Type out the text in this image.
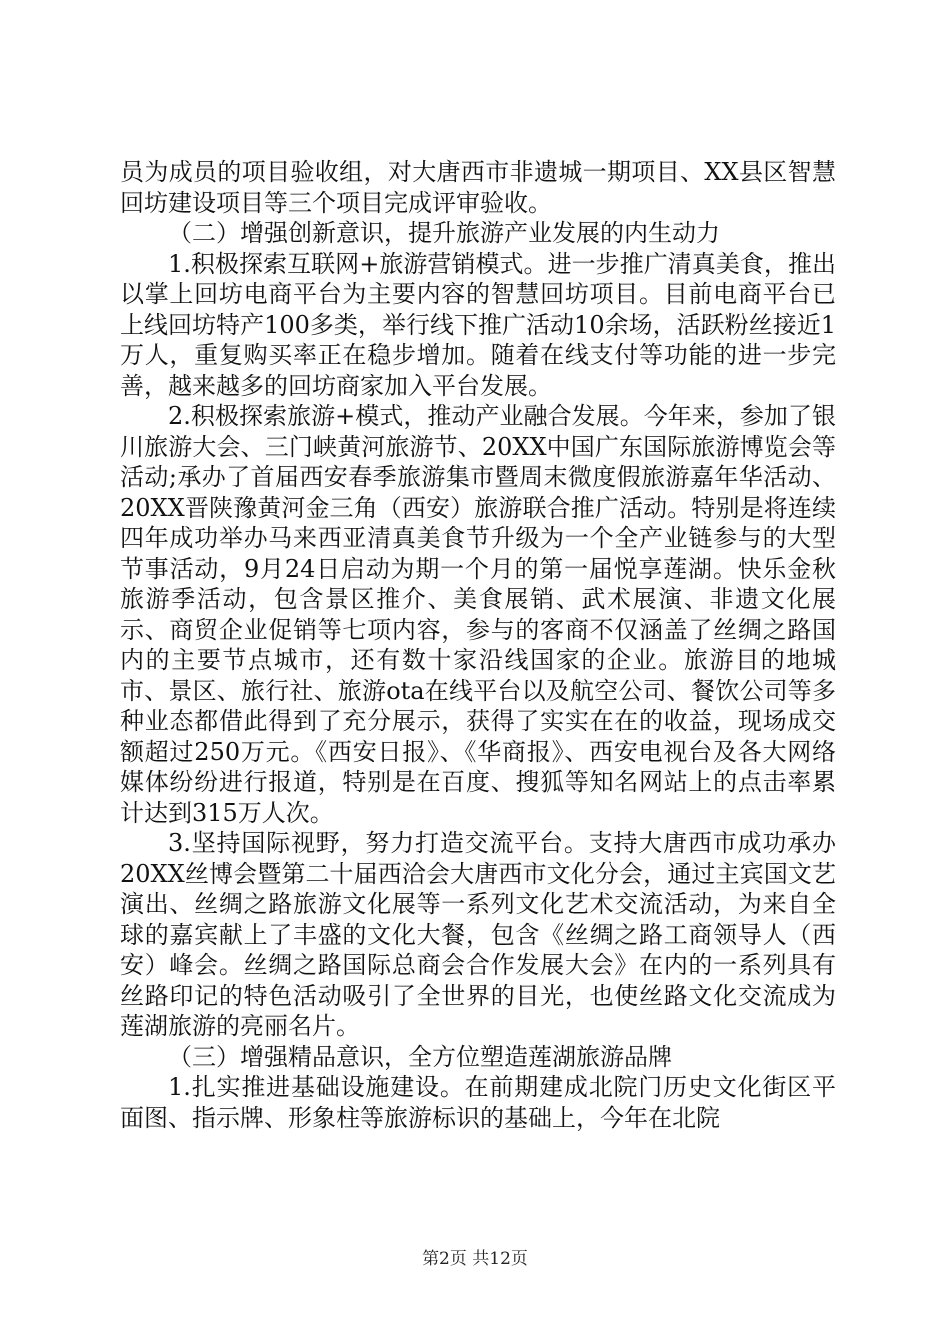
员为成员的项目验收组，对大唐西市非遗城一期项目、XX县区智慧回坊建设项目等三个项目完成评审验收。

（二）增强创新意识，提升旅游产业发展的内生动力

1.积极探索互联网+旅游营销模式。进一步推广清真美食，推出以掌上回坊电商平台为主要内容的智慧回坊项目。目前电商平台已上线回坊特产100多类，举行线下推广活动10余场，活跃粉丝接近1万人，重复购买率正在稳步增加。随着在线支付等功能的进一步完善，越来越多的回坊商家加入平台发展。

2.积极探索旅游+模式，推动产业融合发展。今年来，参加了银川旅游大会、三门峡黄河旅游节、20XX中国广东国际旅游博览会等活动;承办了首届西安春季旅游集市暨周末微度假旅游嘉年华活动、20XX晋陕豫黄河金三角（西安）旅游联合推广活动。特别是将连续四年成功举办马来西亚清真美食节升级为一个全产业链参与的大型节事活动，9月24日启动为期一个月的第一届悦享莲湖。快乐金秋旅游季活动，包含景区推介、美食展销、武术展演、非遗文化展示、商贸企业促销等七项内容，参与的客商不仅涵盖了丝绸之路国内的主要节点城市，还有数十家沿线国家的企业。旅游目的地城市、景区、旅行社、旅游ota在线平台以及航空公司、餐饮公司等多种业态都借此得到了充分展示，获得了实实在在的收益，现场成交额超过250万元。《西安日报》、《华商报》、西安电视台及各大网络媒体纷纷进行报道，特别是在百度、搜狐等知名网站上的点击率累计达到315万人次。

3.坚持国际视野，努力打造交流平台。支持大唐西市成功承办20XX丝博会暨第二十届西洽会大唐西市文化分会，通过主宾国文艺演出、丝绸之路旅游文化展等一系列文化艺术交流活动，为来自全球的嘉宾献上了丰盛的文化大餐，包含《丝绸之路工商领导人（西安）峰会。丝绸之路国际总商会合作发展大会》在内的一系列具有丝路印记的特色活动吸引了全世界的目光，也使丝路文化交流成为莲湖旅游的亮丽名片。

（三）增强精品意识，全方位塑造莲湖旅游品牌

1.扎实推进基础设施建设。在前期建成北院门历史文化街区平面图、指示牌、形象柱等旅游标识的基础上，今年在北院

第2页 共12页
